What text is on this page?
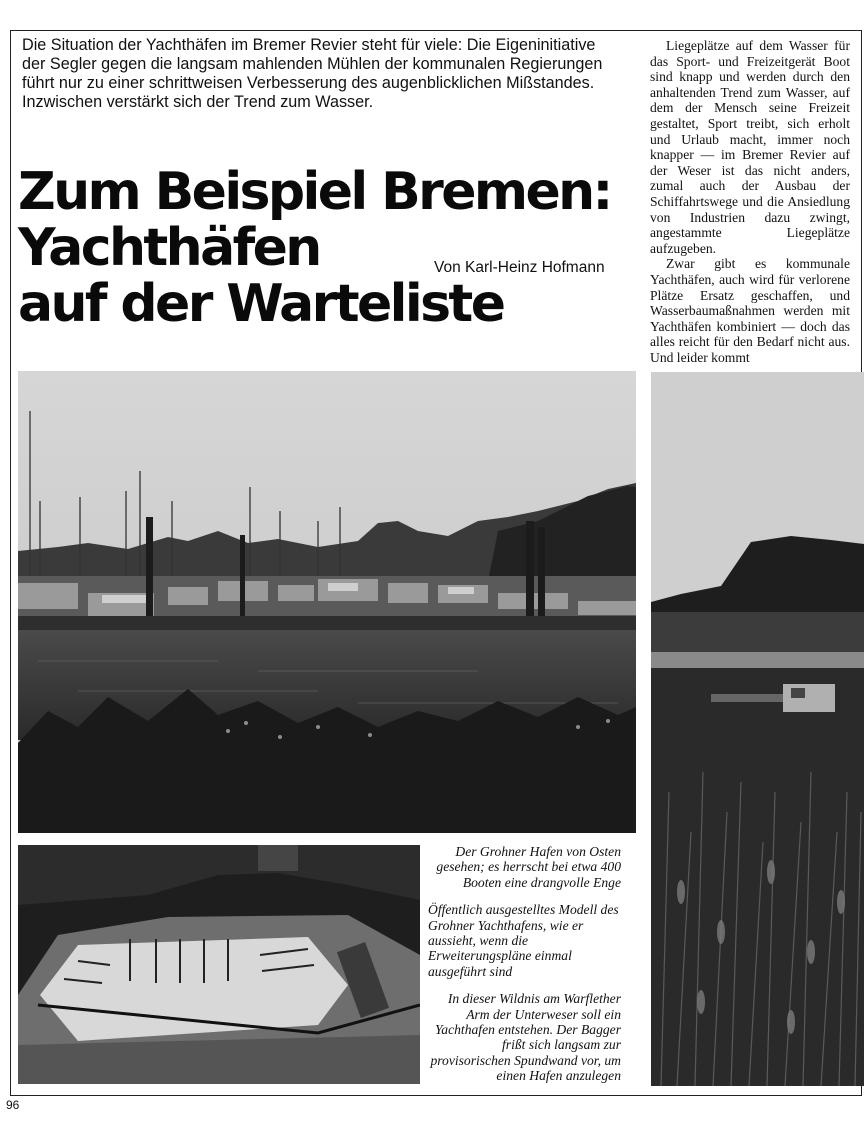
Die Situation der Yachthäfen im Bremer Revier steht für viele: Die Eigeninitiative der Segler gegen die langsam mahlenden Mühlen der kommunalen Regierungen führt nur zu einer schrittweisen Verbesserung des augenblicklichen Mißstandes. Inzwischen verstärkt sich der Trend zum Wasser.

Zum Beispiel Bremen:
Yachthäfen
auf der Warteliste
Von Karl-Heinz Hofmann

Liegeplätze auf dem Wasser für das Sport- und Freizeitgerät Boot sind knapp und werden durch den anhaltenden Trend zum Wasser, auf dem der Mensch seine Freizeit gestaltet, Sport treibt, sich erholt und Urlaub macht, immer noch knapper — im Bremer Revier auf der Weser ist das nicht anders, zumal auch der Ausbau der Schiffahrtswege und die Ansiedlung von Industrien dazu zwingt, angestammte Liegeplätze aufzugeben.

Zwar gibt es kommunale Yachthäfen, auch wird für verlorene Plätze Ersatz geschaffen, und Wasserbaumaßnahmen werden mit Yachthäfen kombiniert — doch das alles reicht für den Bedarf nicht aus. Und leider kommt

Der Grohner Hafen von Osten gesehen; es herrscht bei etwa 400 Booten eine drangvolle Enge

Öffentlich ausgestelltes Modell des Grohner Yachthafens, wie er aussieht, wenn die Erweiterungspläne einmal ausgeführt sind

In dieser Wildnis am Warflether Arm der Unterweser soll ein Yachthafen entstehen. Der Bagger frißt sich langsam zur provisorischen Spundwand vor, um einen Hafen anzulegen

96
